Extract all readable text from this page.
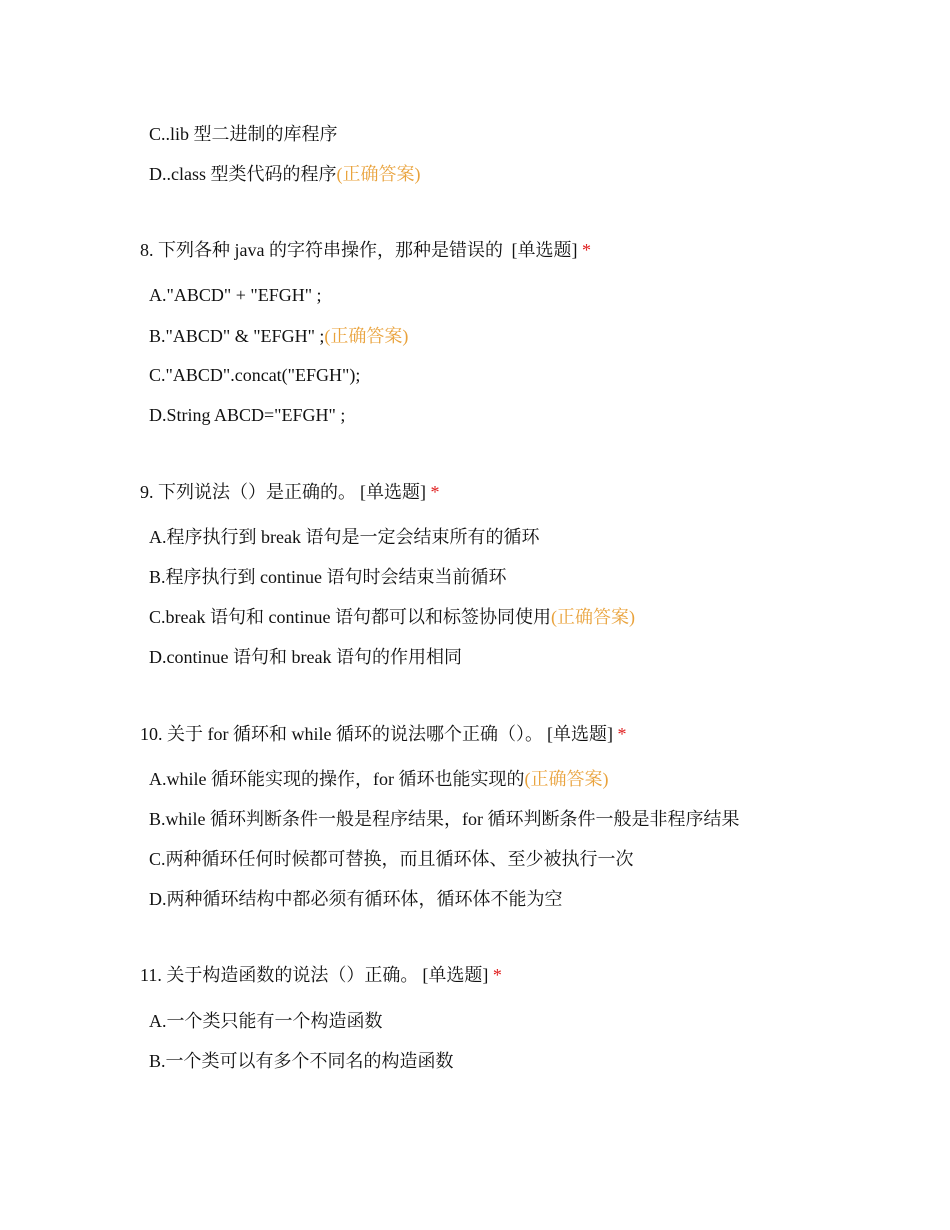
C..lib 型二进制的库程序
D..class 型类代码的程序(正确答案)
8. 下列各种 java 的字符串操作，那种是错误的 [单选题] *
A."ABCD" + "EFGH" ;
B."ABCD" & "EFGH" ;(正确答案)
C."ABCD".concat("EFGH");
D.String ABCD="EFGH" ;
9. 下列说法（）是正确的。 [单选题] *
A.程序执行到 break 语句是一定会结束所有的循环
B.程序执行到 continue 语句时会结束当前循环
C.break 语句和 continue 语句都可以和标签协同使用(正确答案)
D.continue 语句和 break 语句的作用相同
10. 关于 for 循环和 while 循环的说法哪个正确（）。 [单选题] *
A.while 循环能实现的操作，for 循环也能实现的(正确答案)
B.while 循环判断条件一般是程序结果，for 循环判断条件一般是非程序结果
C.两种循环任何时候都可替换，而且循环体、至少被执行一次
D.两种循环结构中都必须有循环体，循环体不能为空
11. 关于构造函数的说法（）正确。 [单选题] *
A.一个类只能有一个构造函数
B.一个类可以有多个不同名的构造函数
